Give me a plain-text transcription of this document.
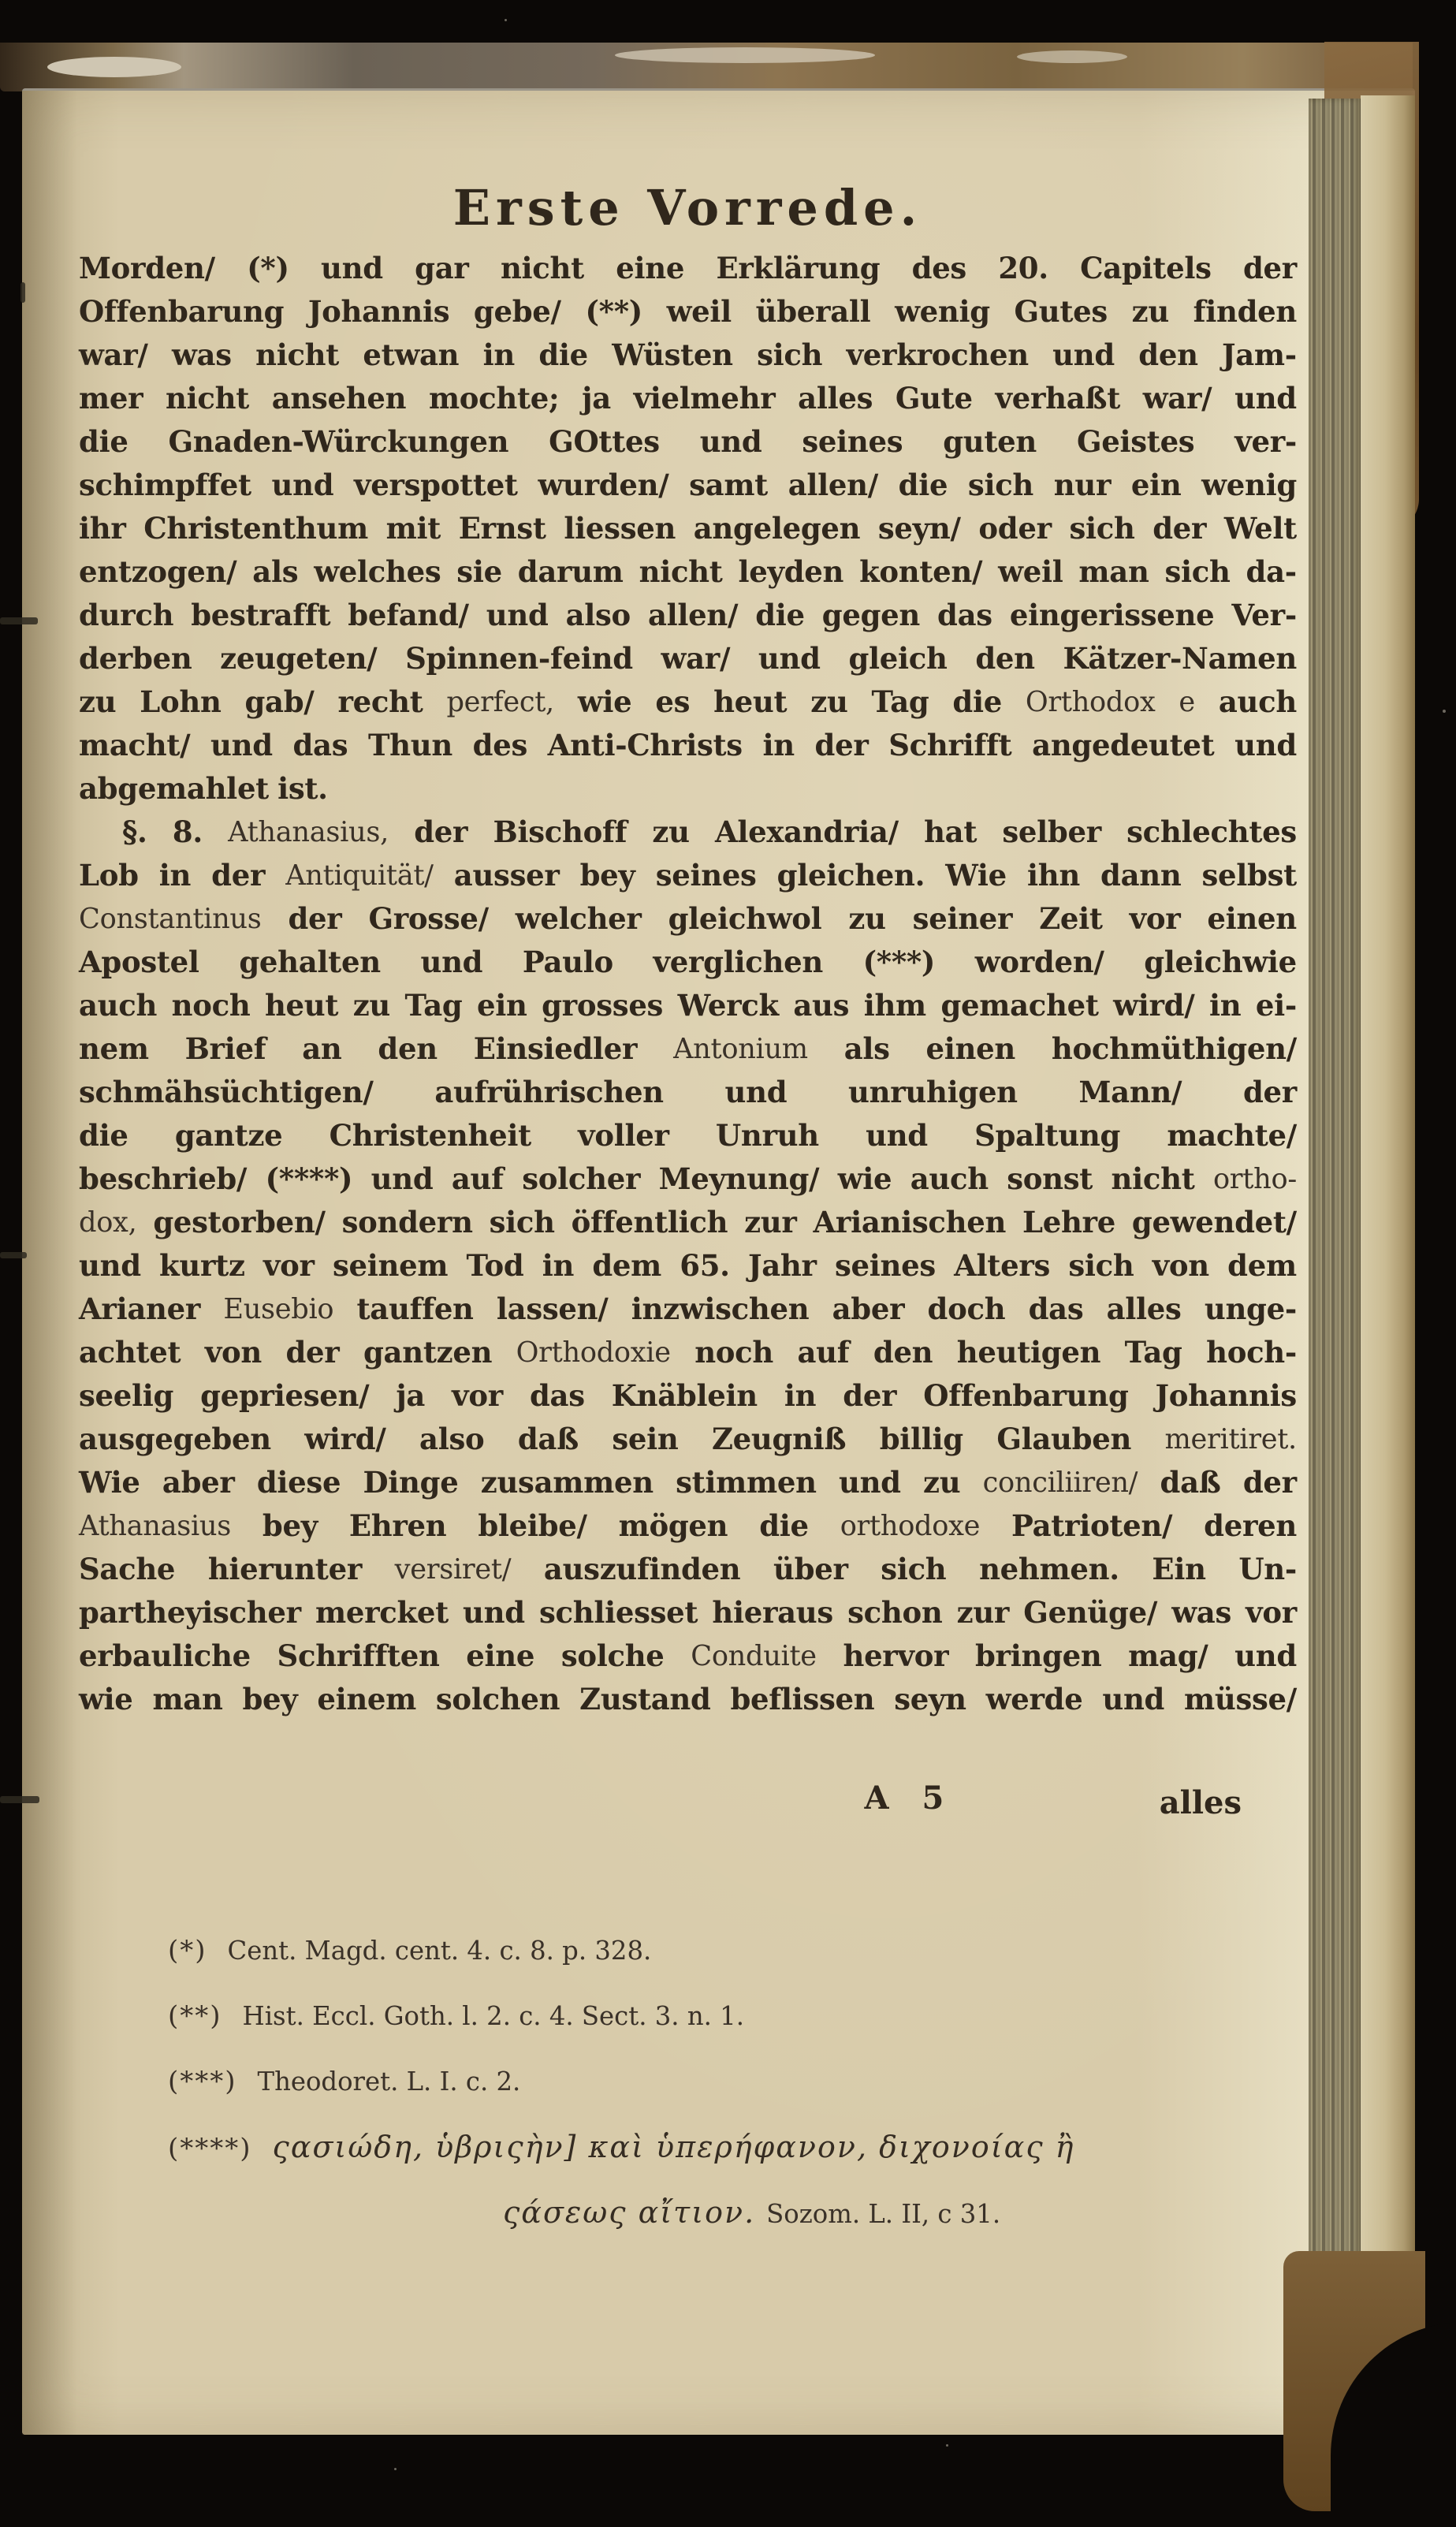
Erste Vorrede.
Morden/ (*) und gar nicht eine Erklärung des 20. Capitels der
Offenbarung Johannis gebe/ (**) weil überall wenig Gutes zu finden
war/ was nicht etwan in die Wüsten sich verkrochen und den Jam-
mer nicht ansehen mochte; ja vielmehr alles Gute verhaßt war/ und
die Gnaden-Würckungen GOttes und seines guten Geistes ver-
schimpffet und verspottet wurden/ samt allen/ die sich nur ein wenig
ihr Christenthum mit Ernst liessen angelegen seyn/ oder sich der Welt
entzogen/ als welches sie darum nicht leyden konten/ weil man sich da-
durch bestrafft befand/ und also allen/ die gegen das eingerissene Ver-
derben zeugeten/ Spinnen-feind war/ und gleich den Kätzer-Namen
zu Lohn gab/ recht perfect, wie es heut zu Tag die Orthodox e auch
macht/ und das Thun des Anti-Christs in der Schrifft angedeutet und
abgemahlet ist.
§. 8. Athanasius, der Bischoff zu Alexandria/ hat selber schlechtes
Lob in der Antiquität/ ausser bey seines gleichen. Wie ihn dann selbst
Constantinus der Grosse/ welcher gleichwol zu seiner Zeit vor einen
Apostel gehalten und Paulo verglichen (***) worden/ gleichwie
auch noch heut zu Tag ein grosses Werck aus ihm gemachet wird/ in ei-
nem Brief an den Einsiedler Antonium als einen hochmüthigen/
schmähsüchtigen/ aufrührischen und unruhigen Mann/ der
die gantze Christenheit voller Unruh und Spaltung machte/
beschrieb/ (****) und auf solcher Meynung/ wie auch sonst nicht ortho-
dox, gestorben/ sondern sich öffentlich zur Arianischen Lehre gewendet/
und kurtz vor seinem Tod in dem 65. Jahr seines Alters sich von dem
Arianer Eusebio tauffen lassen/ inzwischen aber doch das alles unge-
achtet von der gantzen Orthodoxie noch auf den heutigen Tag hoch-
seelig gepriesen/ ja vor das Knäblein in der Offenbarung Johannis
ausgegeben wird/ also daß sein Zeugniß billig Glauben meritiret.
Wie aber diese Dinge zusammen stimmen und zu conciliiren/ daß der
Athanasius bey Ehren bleibe/ mögen die orthodoxe Patrioten/ deren
Sache hierunter versiret/ auszufinden über sich nehmen. Ein Un-
partheyischer mercket und schliesset hieraus schon zur Genüge/ was vor
erbauliche Schrifften eine solche Conduite hervor bringen mag/ und
wie man bey einem solchen Zustand beflissen seyn werde und müsse/
A 5	alles
(*) Cent. Magd. cent. 4. c. 8. p. 328.
(**) Hist. Eccl. Goth. l. 2. c. 4. Sect. 3. n. 1.
(***) Theodoret. L. I. c. 2.
(****) ςασιώδη, ὑβριςὴν] καὶ ὑπερήφανον, διχονοίας ἢ
ςάσεως αἴτιον. Sozom. L. II, c 31.
